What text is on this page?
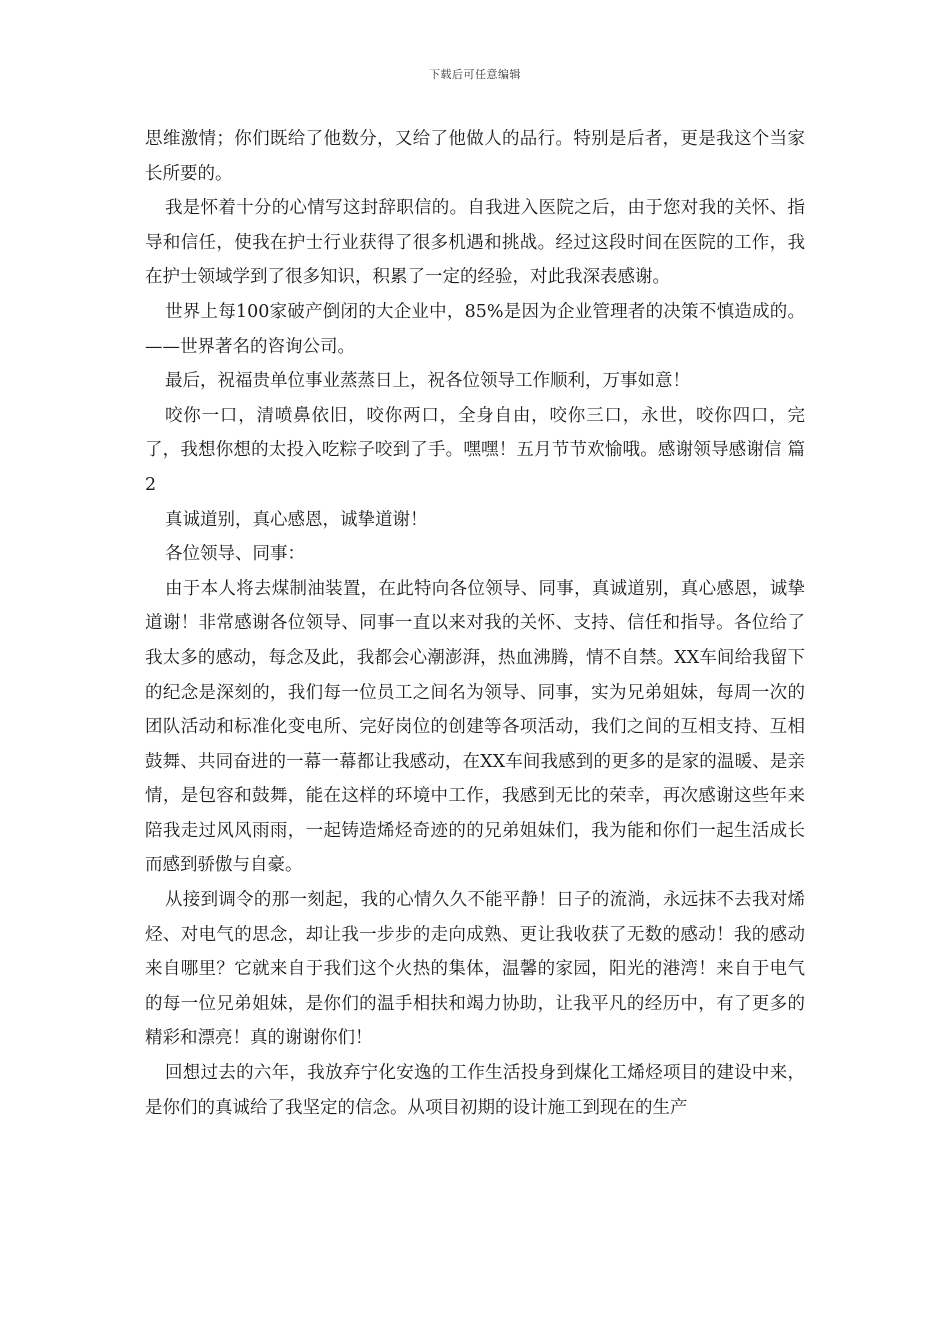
下载后可任意编辑

思维激情；你们既给了他数分，又给了他做人的品行。特别是后者，更是我这个当家长所要的。

我是怀着十分的心情写这封辞职信的。自我进入医院之后，由于您对我的关怀、指导和信任，使我在护士行业获得了很多机遇和挑战。经过这段时间在医院的工作，我在护士领域学到了很多知识，积累了一定的经验，对此我深表感谢。

世界上每100家破产倒闭的大企业中，85%是因为企业管理者的决策不慎造成的。——世界著名的咨询公司。

最后，祝福贵单位事业蒸蒸日上，祝各位领导工作顺利，万事如意！

咬你一口，清喷鼻依旧，咬你两口，全身自由，咬你三口，永世，咬你四口，完了，我想你想的太投入吃粽子咬到了手。嘿嘿！五月节节欢愉哦。感谢领导感谢信 篇2

真诚道别，真心感恩，诚挚道谢！

各位领导、同事：

由于本人将去煤制油装置，在此特向各位领导、同事，真诚道别，真心感恩，诚挚道谢！非常感谢各位领导、同事一直以来对我的关怀、支持、信任和指导。各位给了我太多的感动，每念及此，我都会心潮澎湃，热血沸腾，情不自禁。XX车间给我留下的纪念是深刻的，我们每一位员工之间名为领导、同事，实为兄弟姐妹，每周一次的团队活动和标准化变电所、完好岗位的创建等各项活动，我们之间的互相支持、互相鼓舞、共同奋进的一幕一幕都让我感动，在XX车间我感到的更多的是家的温暖、是亲情，是包容和鼓舞，能在这样的环境中工作，我感到无比的荣幸，再次感谢这些年来陪我走过风风雨雨，一起铸造烯烃奇迹的的兄弟姐妹们，我为能和你们一起生活成长而感到骄傲与自豪。

从接到调令的那一刻起，我的心情久久不能平静！日子的流淌，永远抹不去我对烯烃、对电气的思念，却让我一步步的走向成熟、更让我收获了无数的感动！我的感动来自哪里？它就来自于我们这个火热的集体，温馨的家园，阳光的港湾！来自于电气的每一位兄弟姐妹，是你们的温手相扶和竭力协助，让我平凡的经历中，有了更多的精彩和漂亮！真的谢谢你们！

回想过去的六年，我放弃宁化安逸的工作生活投身到煤化工烯烃项目的建设中来，是你们的真诚给了我坚定的信念。从项目初期的设计施工到现在的生产
